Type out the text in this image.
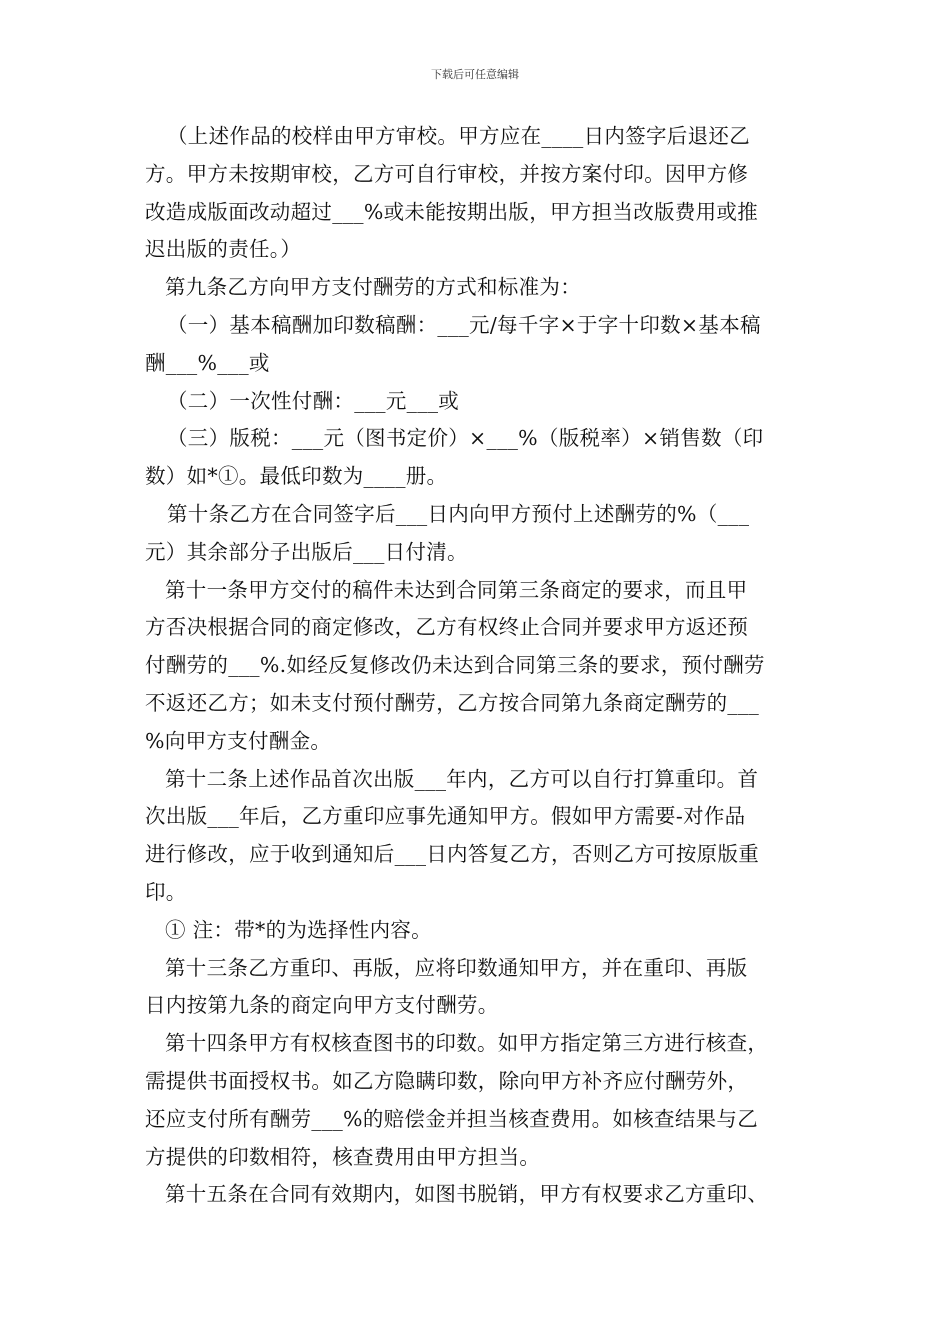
下载后可任意编辑
（上述作品的校样由甲方审校。甲方应在____日内签字后退还乙
方。甲方未按期审校，乙方可自行审校，并按方案付印。因甲方修
改造成版面改动超过___%或未能按期出版，甲方担当改版费用或推
迟出版的责任。）
第九条乙方向甲方支付酬劳的方式和标准为：
（一）基本稿酬加印数稿酬：___元/每千字×于字十印数×基本稿
酬___%___或
（二）一次性付酬：___元___或
（三）版税：___元（图书定价）×___%（版税率）×销售数（印
数）如*①。最低印数为____册。
第十条乙方在合同签字后___日内向甲方预付上述酬劳的%（___
元）其余部分子出版后___日付清。
第十一条甲方交付的稿件未达到合同第三条商定的要求，而且甲
方否决根据合同的商定修改，乙方有权终止合同并要求甲方返还预
付酬劳的___%.如经反复修改仍未达到合同第三条的要求，预付酬劳
不返还乙方；如未支付预付酬劳，乙方按合同第九条商定酬劳的___
%向甲方支付酬金。
第十二条上述作品首次出版___年内，乙方可以自行打算重印。首
次出版___年后，乙方重印应事先通知甲方。假如甲方需要-对作品
进行修改，应于收到通知后___日内答复乙方，否则乙方可按原版重
印。
① 注：带*的为选择性内容。
第十三条乙方重印、再版，应将印数通知甲方，并在重印、再版
日内按第九条的商定向甲方支付酬劳。
第十四条甲方有权核查图书的印数。如甲方指定第三方进行核查，
需提供书面授权书。如乙方隐瞒印数，除向甲方补齐应付酬劳外，
还应支付所有酬劳___%的赔偿金并担当核查费用。如核查结果与乙
方提供的印数相符，核查费用由甲方担当。
第十五条在合同有效期内，如图书脱销，甲方有权要求乙方重印、
